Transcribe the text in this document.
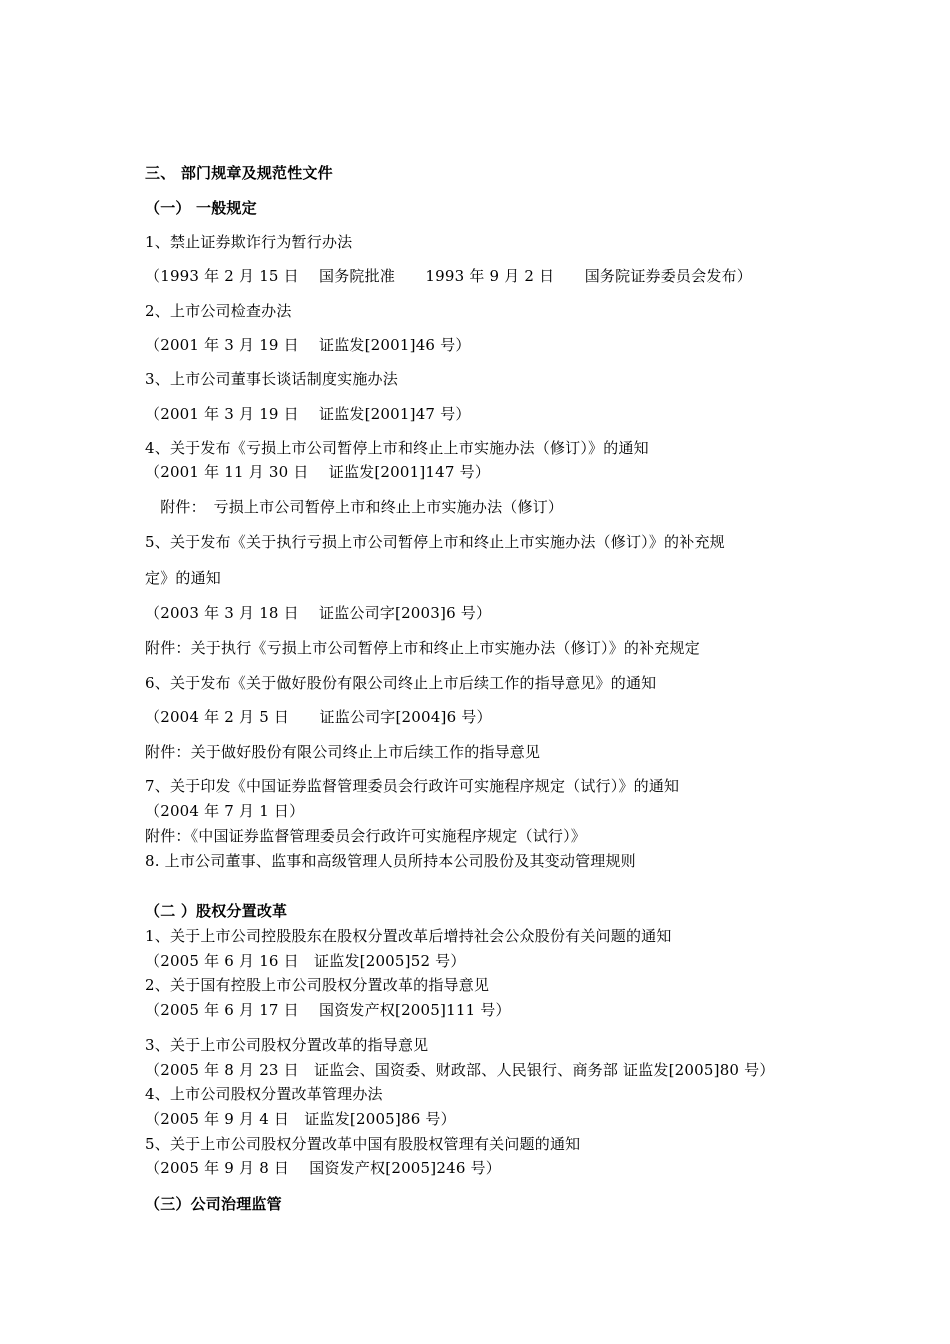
三、 部门规章及规范性文件
（一） 一般规定
1、禁止证券欺诈行为暂行办法
（1993 年 2 月 15 日　 国务院批准　　1993 年 9 月 2 日　　国务院证券委员会发布）
2、上市公司检查办法
（2001 年 3 月 19 日　 证监发[2001]46 号）
3、上市公司董事长谈话制度实施办法
（2001 年 3 月 19 日　 证监发[2001]47 号）
4、关于发布《亏损上市公司暂停上市和终止上市实施办法（修订）》的通知
（2001 年 11 月 30 日　 证监发[2001]147 号）
　附件：　亏损上市公司暂停上市和终止上市实施办法（修订）
5、关于发布《关于执行亏损上市公司暂停上市和终止上市实施办法（修订）》的补充规
定》的通知
（2003 年 3 月 18 日　 证监公司字[2003]6 号）
附件：关于执行《亏损上市公司暂停上市和终止上市实施办法（修订）》的补充规定
6、关于发布《关于做好股份有限公司终止上市后续工作的指导意见》的通知
（2004 年 2 月 5 日　　证监公司字[2004]6 号）
附件：关于做好股份有限公司终止上市后续工作的指导意见
7、关于印发《中国证券监督管理委员会行政许可实施程序规定（试行）》的通知
（2004 年 7 月 1 日）
附件：《中国证券监督管理委员会行政许可实施程序规定（试行）》
8. 上市公司董事、监事和高级管理人员所持本公司股份及其变动管理规则
（二 ）股权分置改革
1、关于上市公司控股股东在股权分置改革后增持社会公众股份有关问题的通知
（2005 年 6 月 16 日　证监发[2005]52 号）
2、关于国有控股上市公司股权分置改革的指导意见
（2005 年 6 月 17 日　 国资发产权[2005]111 号）
3、关于上市公司股权分置改革的指导意见
（2005 年 8 月 23 日　证监会、国资委、财政部、人民银行、商务部 证监发[2005]80 号）
4、上市公司股权分置改革管理办法
（2005 年 9 月 4 日　证监发[2005]86 号）
5、关于上市公司股权分置改革中国有股股权管理有关问题的通知
（2005 年 9 月 8 日　 国资发产权[2005]246 号）
（三）公司治理监管
